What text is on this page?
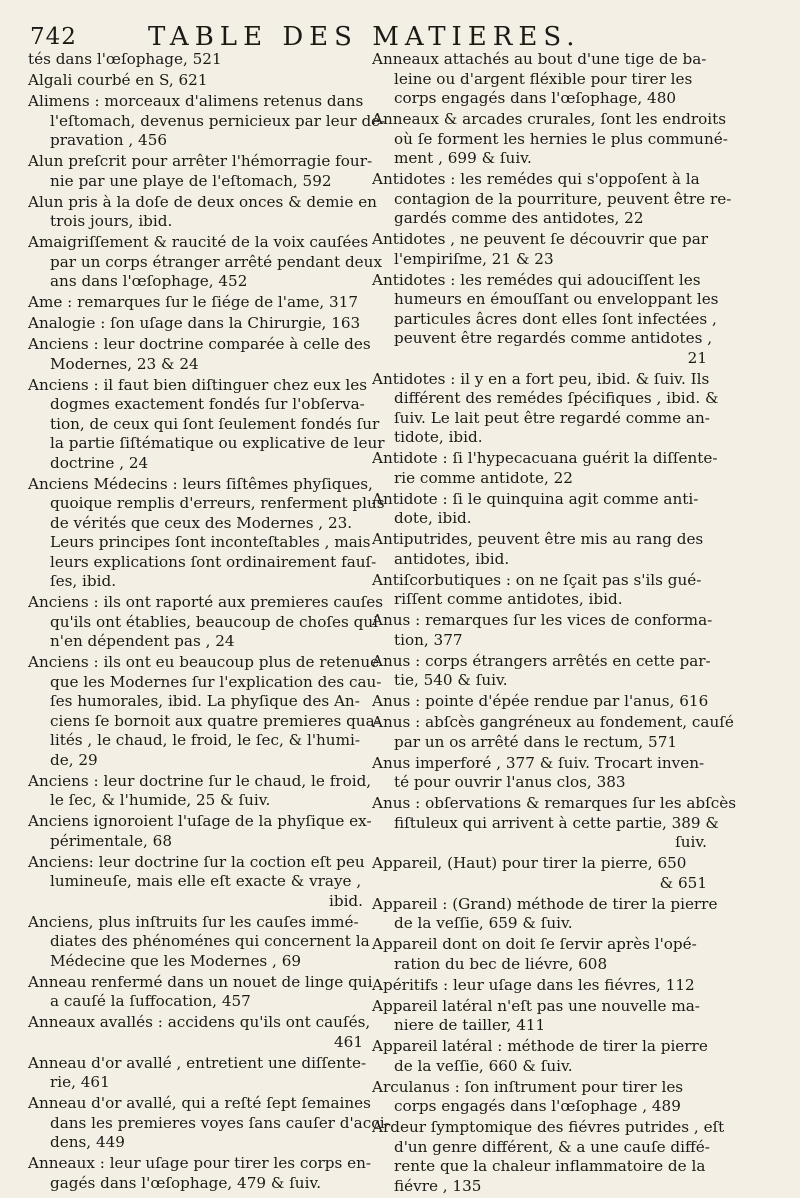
742	TABLE DES MATIERES.
tés dans l'œſophage, 521
Algali courbé en S, 621
Alimens : morceaux d'alimens retenus dans
l'eſtomach, devenus pernicieux par leur dé-
pravation , 456
Alun preſcrit pour arrêter l'hémorragie four-
nie par une playe de l'eſtomach, 592
Alun pris à la doſe de deux onces & demie en
trois jours, ibid.
Amaigriſſement & raucité de la voix cauſées
par un corps étranger arrêté pendant deux
ans dans l'œſophage, 452
Ame : remarques ſur le ſiége de l'ame, 317
Analogie : ſon uſage dans la Chirurgie, 163
Anciens : leur doctrine comparée à celle des
Modernes, 23 & 24
Anciens : il faut bien diſtinguer chez eux les
dogmes exactement fondés ſur l'obſerva-
tion, de ceux qui ſont ſeulement fondés ſur
la partie ſiſtématique ou explicative de leur
doctrine , 24
Anciens Médecins : leurs ſiſtêmes phyſiques,
quoique remplis d'erreurs, renferment plus
de vérités que ceux des Modernes , 23.
Leurs principes ſont inconteſtables , mais
leurs explications ſont ordinairement fauſ-
ſes, ibid.
Anciens : ils ont raporté aux premieres cauſes
qu'ils ont établies, beaucoup de choſes qui
n'en dépendent pas , 24
Anciens : ils ont eu beaucoup plus de retenue
que les Modernes ſur l'explication des cau-
ſes humorales, ibid. La phyſique des An-
ciens ſe bornoit aux quatre premieres qua-
lités , le chaud, le froid, le ſec, & l'humi-
de, 29
Anciens : leur doctrine ſur le chaud, le froid,
le ſec, & l'humide, 25 & ſuiv.
Anciens ignoroient l'uſage de la phyſique ex-
périmentale, 68
Anciens: leur doctrine ſur la coction eſt peu
lumineuſe, mais elle eſt exacte & vraye ,
ibid.
Anciens, plus inſtruits ſur les cauſes immé-
diates des phénoménes qui concernent la
Médecine que les Modernes , 69
Anneau renfermé dans un nouet de linge qui
a cauſé la ſuffocation, 457
Anneaux avallés : accidens qu'ils ont cauſés,
461
Anneau d'or avallé , entretient une diſſente-
rie, 461
Anneau d'or avallé, qui a reſté ſept ſemaines
dans les premieres voyes ſans cauſer d'acci-
dens, 449
Anneaux : leur uſage pour tirer les corps en-
gagés dans l'œſophage, 479 & ſuiv.
Anneaux attachés au bout d'une tige de ba-
leine ou d'argent fléxible pour tirer les
corps engagés dans l'œſophage, 480
Anneaux & arcades crurales, ſont les endroits
où ſe forment les hernies le plus communé-
ment , 699 & ſuiv.
Antidotes : les remédes qui s'oppoſent à la
contagion de la pourriture, peuvent être re-
gardés comme des antidotes, 22
Antidotes , ne peuvent ſe découvrir que par
l'empiriſme, 21 & 23
Antidotes : les remédes qui adouciſſent les
humeurs en émouſſant ou enveloppant les
particules âcres dont elles ſont infectées ,
peuvent être regardés comme antidotes ,
21
Antidotes : il y en a fort peu, ibid. & ſuiv. Ils
différent des remédes ſpécifiques , ibid. &
ſuiv. Le lait peut être regardé comme an-
tidote, ibid.
Antidote : ſi l'hypecacuana guérit la diſſente-
rie comme antidote, 22
Antidote : ſi le quinquina agit comme anti-
dote, ibid.
Antiputrides, peuvent être mis au rang des
antidotes, ibid.
Antiſcorbutiques : on ne ſçait pas s'ils gué-
riſſent comme antidotes, ibid.
Anus : remarques ſur les vices de conforma-
tion, 377
Anus : corps étrangers arrêtés en cette par-
tie, 540 & ſuiv.
Anus : pointe d'épée rendue par l'anus, 616
Anus : abſcès gangréneux au fondement, cauſé
par un os arrêté dans le rectum, 571
Anus imperforé , 377 & ſuiv. Trocart inven-
té pour ouvrir l'anus clos, 383
Anus : obſervations & remarques ſur les abſcès
fiſtuleux qui arrivent à cette partie, 389 &
ſuiv.
Appareil, (Haut) pour tirer la pierre, 650
& 651
Appareil : (Grand) méthode de tirer la pierre
de la veſſie, 659 & ſuiv.
Appareil dont on doit ſe ſervir après l'opé-
ration du bec de liévre, 608
Apéritifs : leur uſage dans les fiévres, 112
Appareil latéral n'eſt pas une nouvelle ma-
niere de tailler, 411
Appareil latéral : méthode de tirer la pierre
de la veſſie, 660 & ſuiv.
Arculanus : ſon inſtrument pour tirer les
corps engagés dans l'œſophage , 489
Ardeur ſymptomique des fiévres putrides , eſt
d'un genre différent, & a une cauſe diffé-
rente que la chaleur inflammatoire de la
fiévre , 135
